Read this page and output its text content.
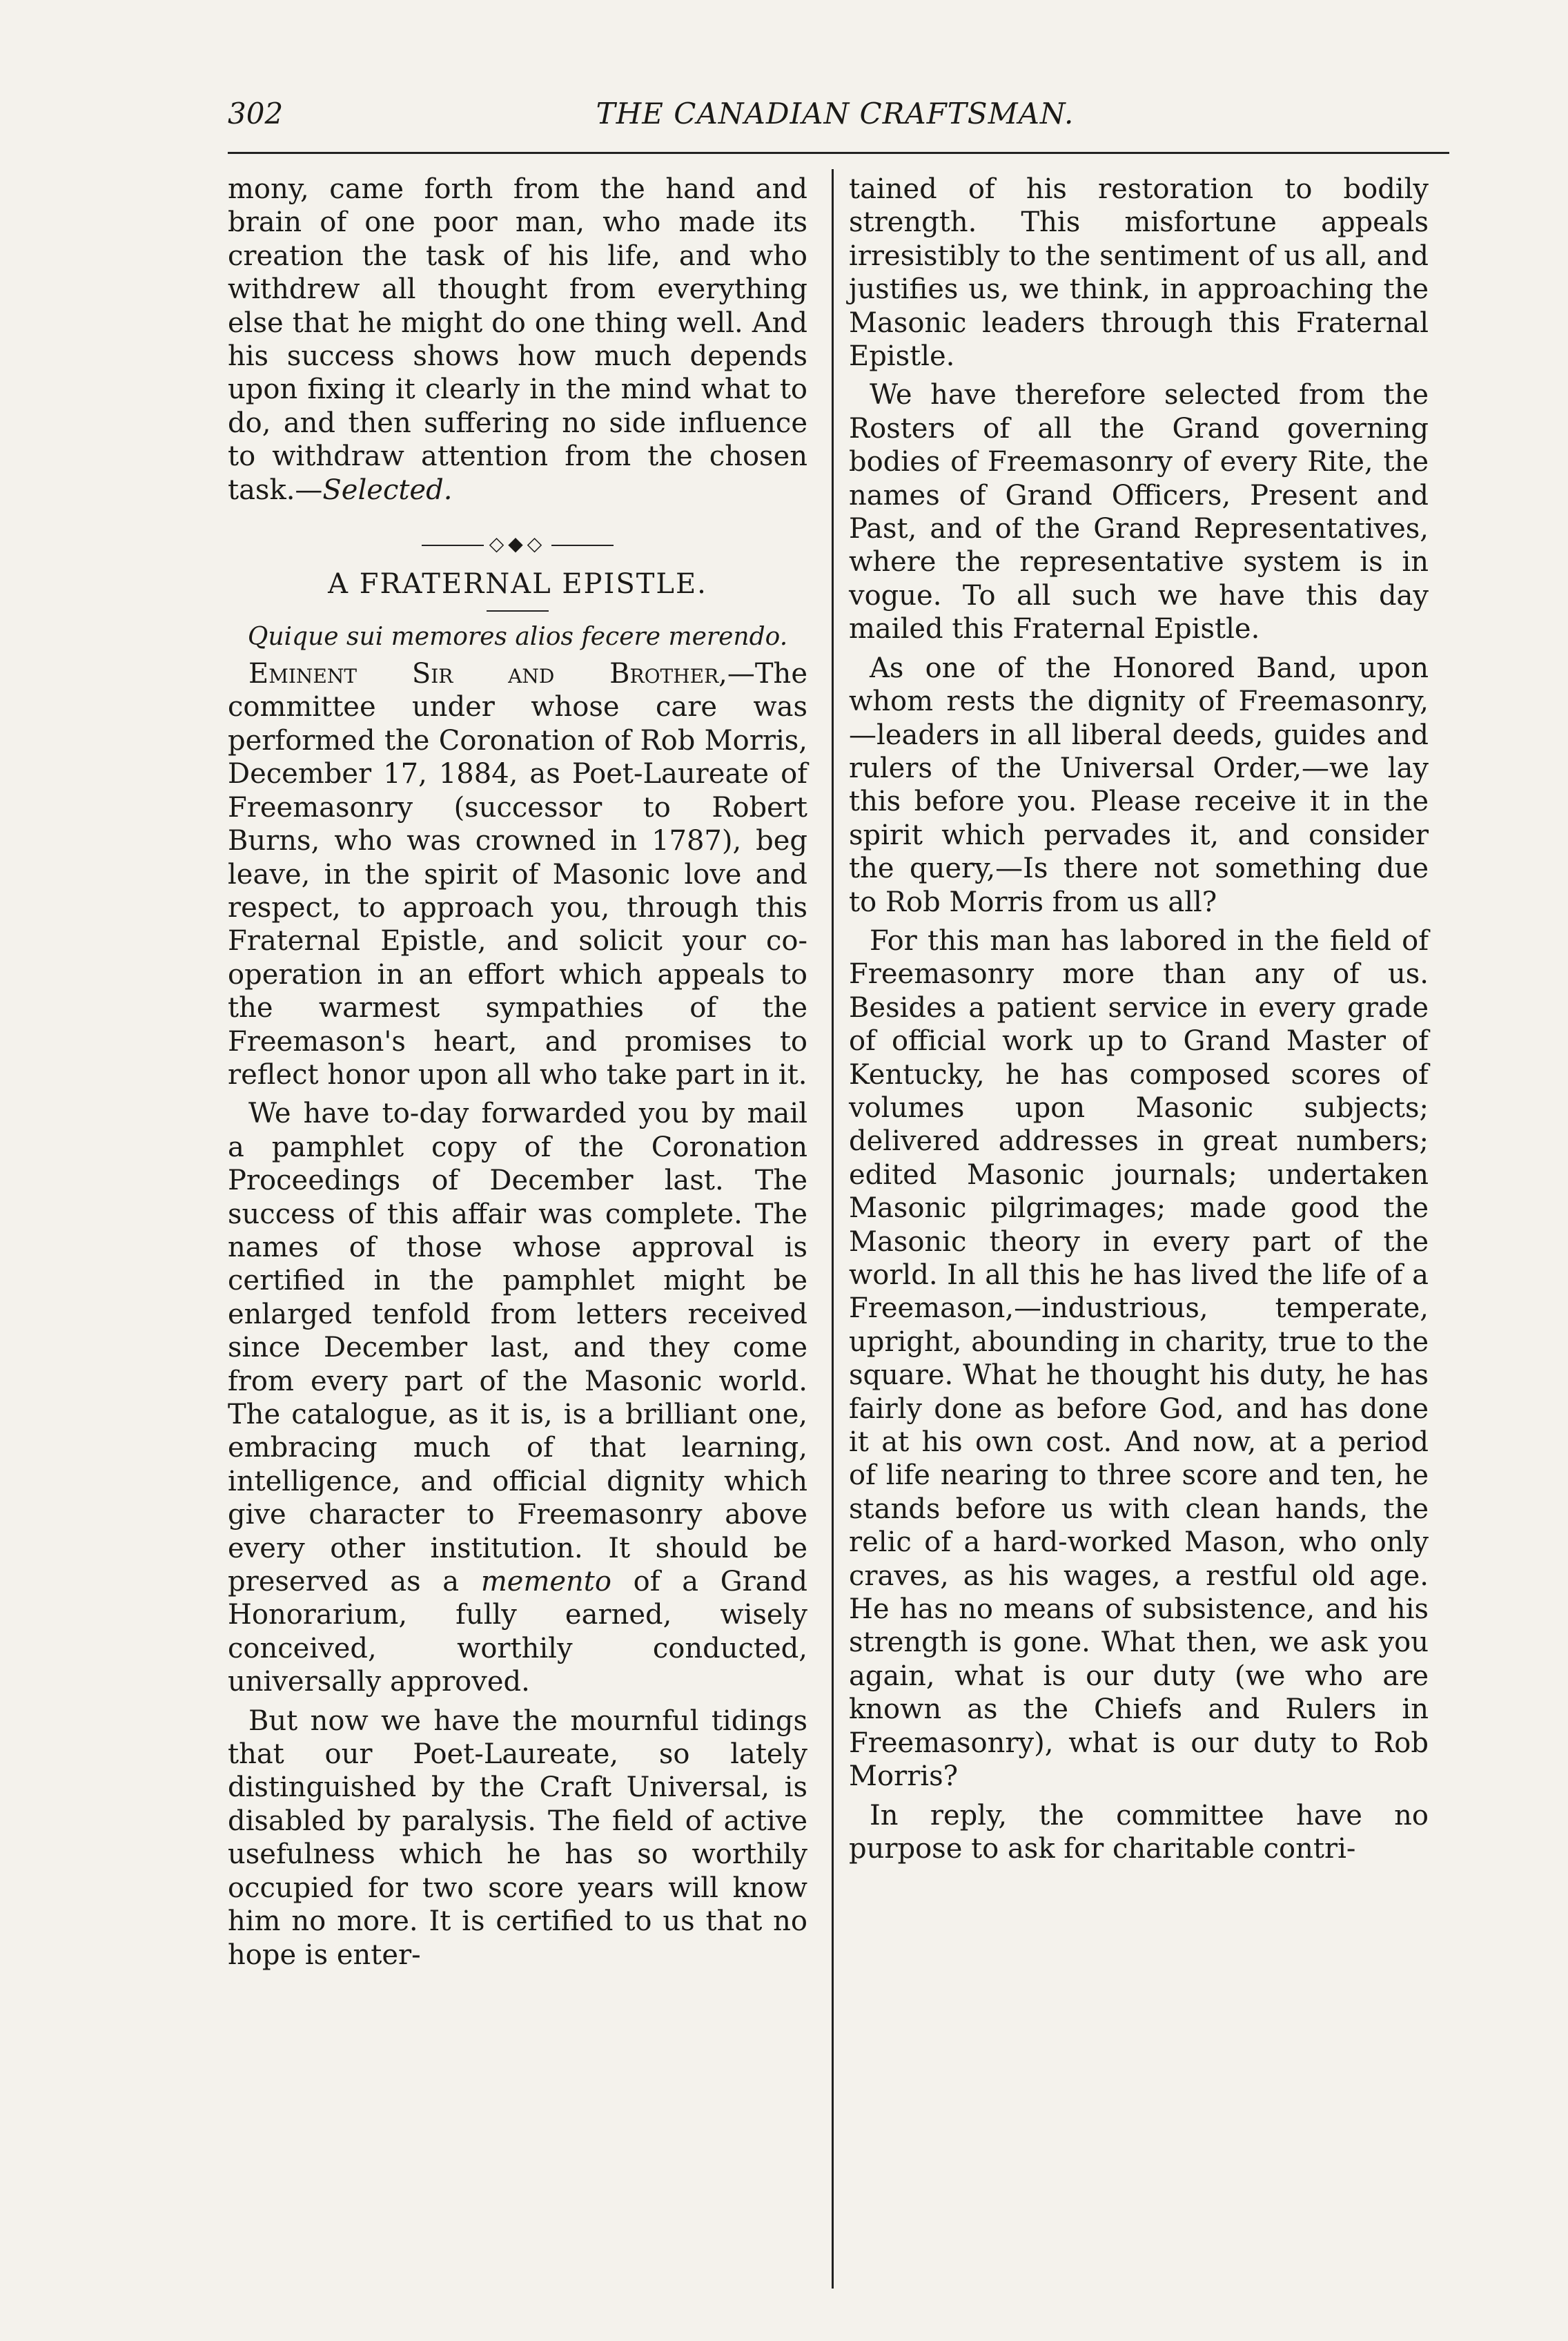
302	THE CANADIAN CRAFTSMAN.

mony, came forth from the hand and brain of one poor man, who made its creation the task of his life, and who withdrew all thought from everything else that he might do one thing well. And his success shows how much depends upon fixing it clearly in the mind what to do, and then suffering no side influence to withdraw attention from the chosen task.—Selected.

◇◆◇
A FRATERNAL EPISTLE.
Quique sui memores alios fecere merendo.

Eminent Sir and Brother,—The committee under whose care was performed the Coronation of Rob Morris, December 17, 1884, as Poet-Laureate of Freemasonry (successor to Robert Burns, who was crowned in 1787), beg leave, in the spirit of Masonic love and respect, to approach you, through this Fraternal Epistle, and solicit your co-operation in an effort which appeals to the warmest sympathies of the Freemason's heart, and promises to reflect honor upon all who take part in it.

We have to-day forwarded you by mail a pamphlet copy of the Coronation Proceedings of December last. The success of this affair was complete. The names of those whose approval is certified in the pamphlet might be enlarged tenfold from letters received since December last, and they come from every part of the Masonic world. The catalogue, as it is, is a brilliant one, embracing much of that learning, intelligence, and official dignity which give character to Freemasonry above every other institution. It should be preserved as a memento of a Grand Honorarium, fully earned, wisely conceived, worthily conducted, universally approved.

But now we have the mournful tidings that our Poet-Laureate, so lately distinguished by the Craft Universal, is disabled by paralysis. The field of active usefulness which he has so worthily occupied for two score years will know him no more. It is certified to us that no hope is enter-

tained of his restoration to bodily strength. This misfortune appeals irresistibly to the sentiment of us all, and justifies us, we think, in approaching the Masonic leaders through this Fraternal Epistle.

We have therefore selected from the Rosters of all the Grand governing bodies of Freemasonry of every Rite, the names of Grand Officers, Present and Past, and of the Grand Representatives, where the representative system is in vogue. To all such we have this day mailed this Fraternal Epistle.

As one of the Honored Band, upon whom rests the dignity of Freemasonry,—leaders in all liberal deeds, guides and rulers of the Universal Order,—we lay this before you. Please receive it in the spirit which pervades it, and consider the query,—Is there not something due to Rob Morris from us all?

For this man has labored in the field of Freemasonry more than any of us. Besides a patient service in every grade of official work up to Grand Master of Kentucky, he has composed scores of volumes upon Masonic subjects; delivered addresses in great numbers; edited Masonic journals; undertaken Masonic pilgrimages; made good the Masonic theory in every part of the world. In all this he has lived the life of a Freemason,—industrious, temperate, upright, abounding in charity, true to the square. What he thought his duty, he has fairly done as before God, and has done it at his own cost. And now, at a period of life nearing to three score and ten, he stands before us with clean hands, the relic of a hard-worked Mason, who only craves, as his wages, a restful old age. He has no means of subsistence, and his strength is gone. What then, we ask you again, what is our duty (we who are known as the Chiefs and Rulers in Freemasonry), what is our duty to Rob Morris?

In reply, the committee have no purpose to ask for charitable contri-
